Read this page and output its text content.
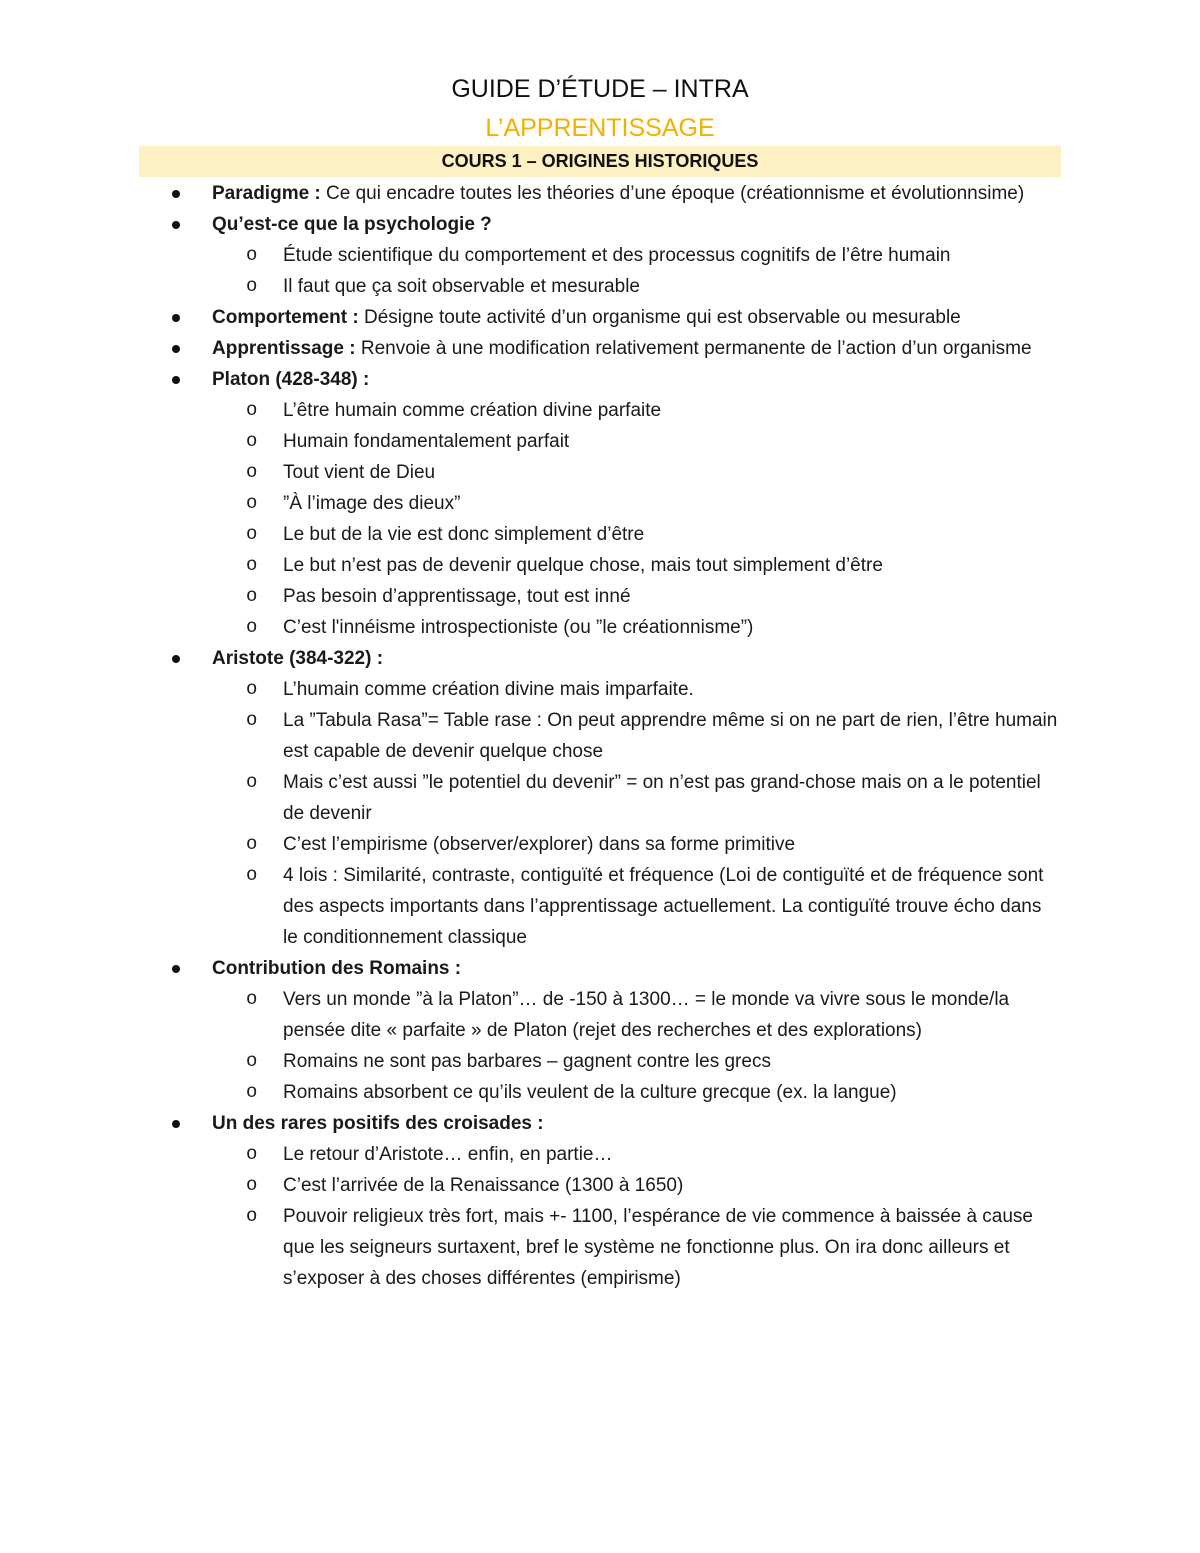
GUIDE D’ÉTUDE – INTRA
L’APPRENTISSAGE
COURS 1 – ORIGINES HISTORIQUES
Paradigme : Ce qui encadre toutes les théories d’une époque (créationnisme et évolutionnsime)
Qu’est-ce que la psychologie ?
o Étude scientifique du comportement et des processus cognitifs de l’être humain
o Il faut que ça soit observable et mesurable
Comportement : Désigne toute activité d’un organisme qui est observable ou mesurable
Apprentissage : Renvoie à une modification relativement permanente de l’action d’un organisme
Platon (428-348) :
o L’être humain comme création divine parfaite
o Humain fondamentalement parfait
o Tout vient de Dieu
o ”À l’image des dieux”
o Le but de la vie est donc simplement d’être
o Le but n’est pas de devenir quelque chose, mais tout simplement d’être
o Pas besoin d’apprentissage, tout est inné
o C’est l'innéisme introspectioniste (ou ”le créationnisme”)
Aristote (384-322) :
o L’humain comme création divine mais imparfaite.
o La ”Tabula Rasa”= Table rase : On peut apprendre même si on ne part de rien, l’être humain est capable de devenir quelque chose
o Mais c’est aussi ”le potentiel du devenir” = on n’est pas grand-chose mais on a le potentiel de devenir
o C’est l’empirisme (observer/explorer) dans sa forme primitive
o 4 lois : Similarité, contraste, contiguïté et fréquence (Loi de contiguïté et de fréquence sont des aspects importants dans l’apprentissage actuellement. La contiguïté trouve écho dans le conditionnement classique
Contribution des Romains :
o Vers un monde ”à la Platon”… de -150 à 1300… = le monde va vivre sous le monde/la pensée dite « parfaite » de Platon (rejet des recherches et des explorations)
o Romains ne sont pas barbares – gagnent contre les grecs
o Romains absorbent ce qu’ils veulent de la culture grecque (ex. la langue)
Un des rares positifs des croisades :
o Le retour d’Aristote… enfin, en partie…
o C’est l’arrivée de la Renaissance (1300 à 1650)
o Pouvoir religieux très fort, mais +- 1100, l’espérance de vie commence à baissée à cause que les seigneurs surtaxent, bref le système ne fonctionne plus. On ira donc ailleurs et s’exposer à des choses différentes (empirisme)
